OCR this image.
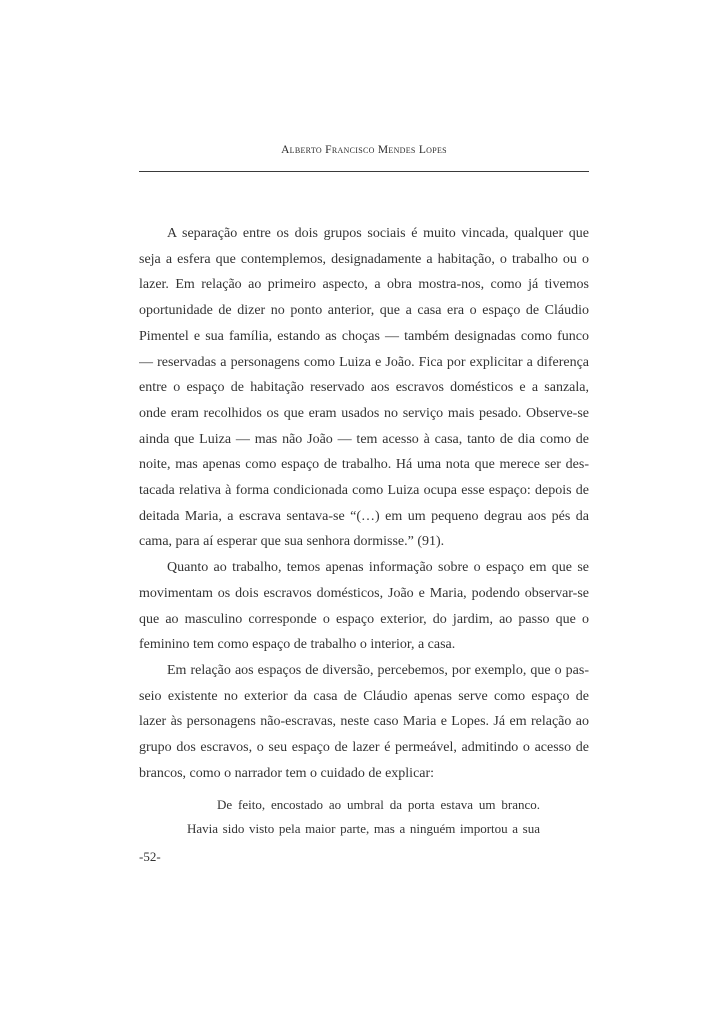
Alberto Francisco Mendes Lopes
A separação entre os dois grupos sociais é muito vincada, qualquer que
seja a esfera que contemplemos, designadamente a habitação, o trabalho ou o
lazer. Em relação ao primeiro aspecto, a obra mostra-nos, como já tivemos
oportunidade de dizer no ponto anterior, que a casa era o espaço de Cláudio
Pimentel e sua família, estando as choças — também designadas como funco
— reservadas a personagens como Luiza e João. Fica por explicitar a diferença
entre o espaço de habitação reservado aos escravos domésticos e a sanzala,
onde eram recolhidos os que eram usados no serviço mais pesado. Observe-se
ainda que Luiza — mas não João — tem acesso à casa, tanto de dia como de
noite, mas apenas como espaço de trabalho. Há uma nota que merece ser des-
tacada relativa à forma condicionada como Luiza ocupa esse espaço: depois de
deitada Maria, a escrava sentava-se “(…) em um pequeno degrau aos pés da
cama, para aí esperar que sua senhora dormisse.” (91).
Quanto ao trabalho, temos apenas informação sobre o espaço em que se
movimentam os dois escravos domésticos, João e Maria, podendo observar-se
que ao masculino corresponde o espaço exterior, do jardim, ao passo que o
feminino tem como espaço de trabalho o interior, a casa.
Em relação aos espaços de diversão, percebemos, por exemplo, que o pas-
seio existente no exterior da casa de Cláudio apenas serve como espaço de
lazer às personagens não-escravas, neste caso Maria e Lopes. Já em relação ao
grupo dos escravos, o seu espaço de lazer é permeável, admitindo o acesso de
brancos, como o narrador tem o cuidado de explicar:
De feito, encostado ao umbral da porta estava um branco.
Havia sido visto pela maior parte, mas a ninguém importou a sua
-52-
